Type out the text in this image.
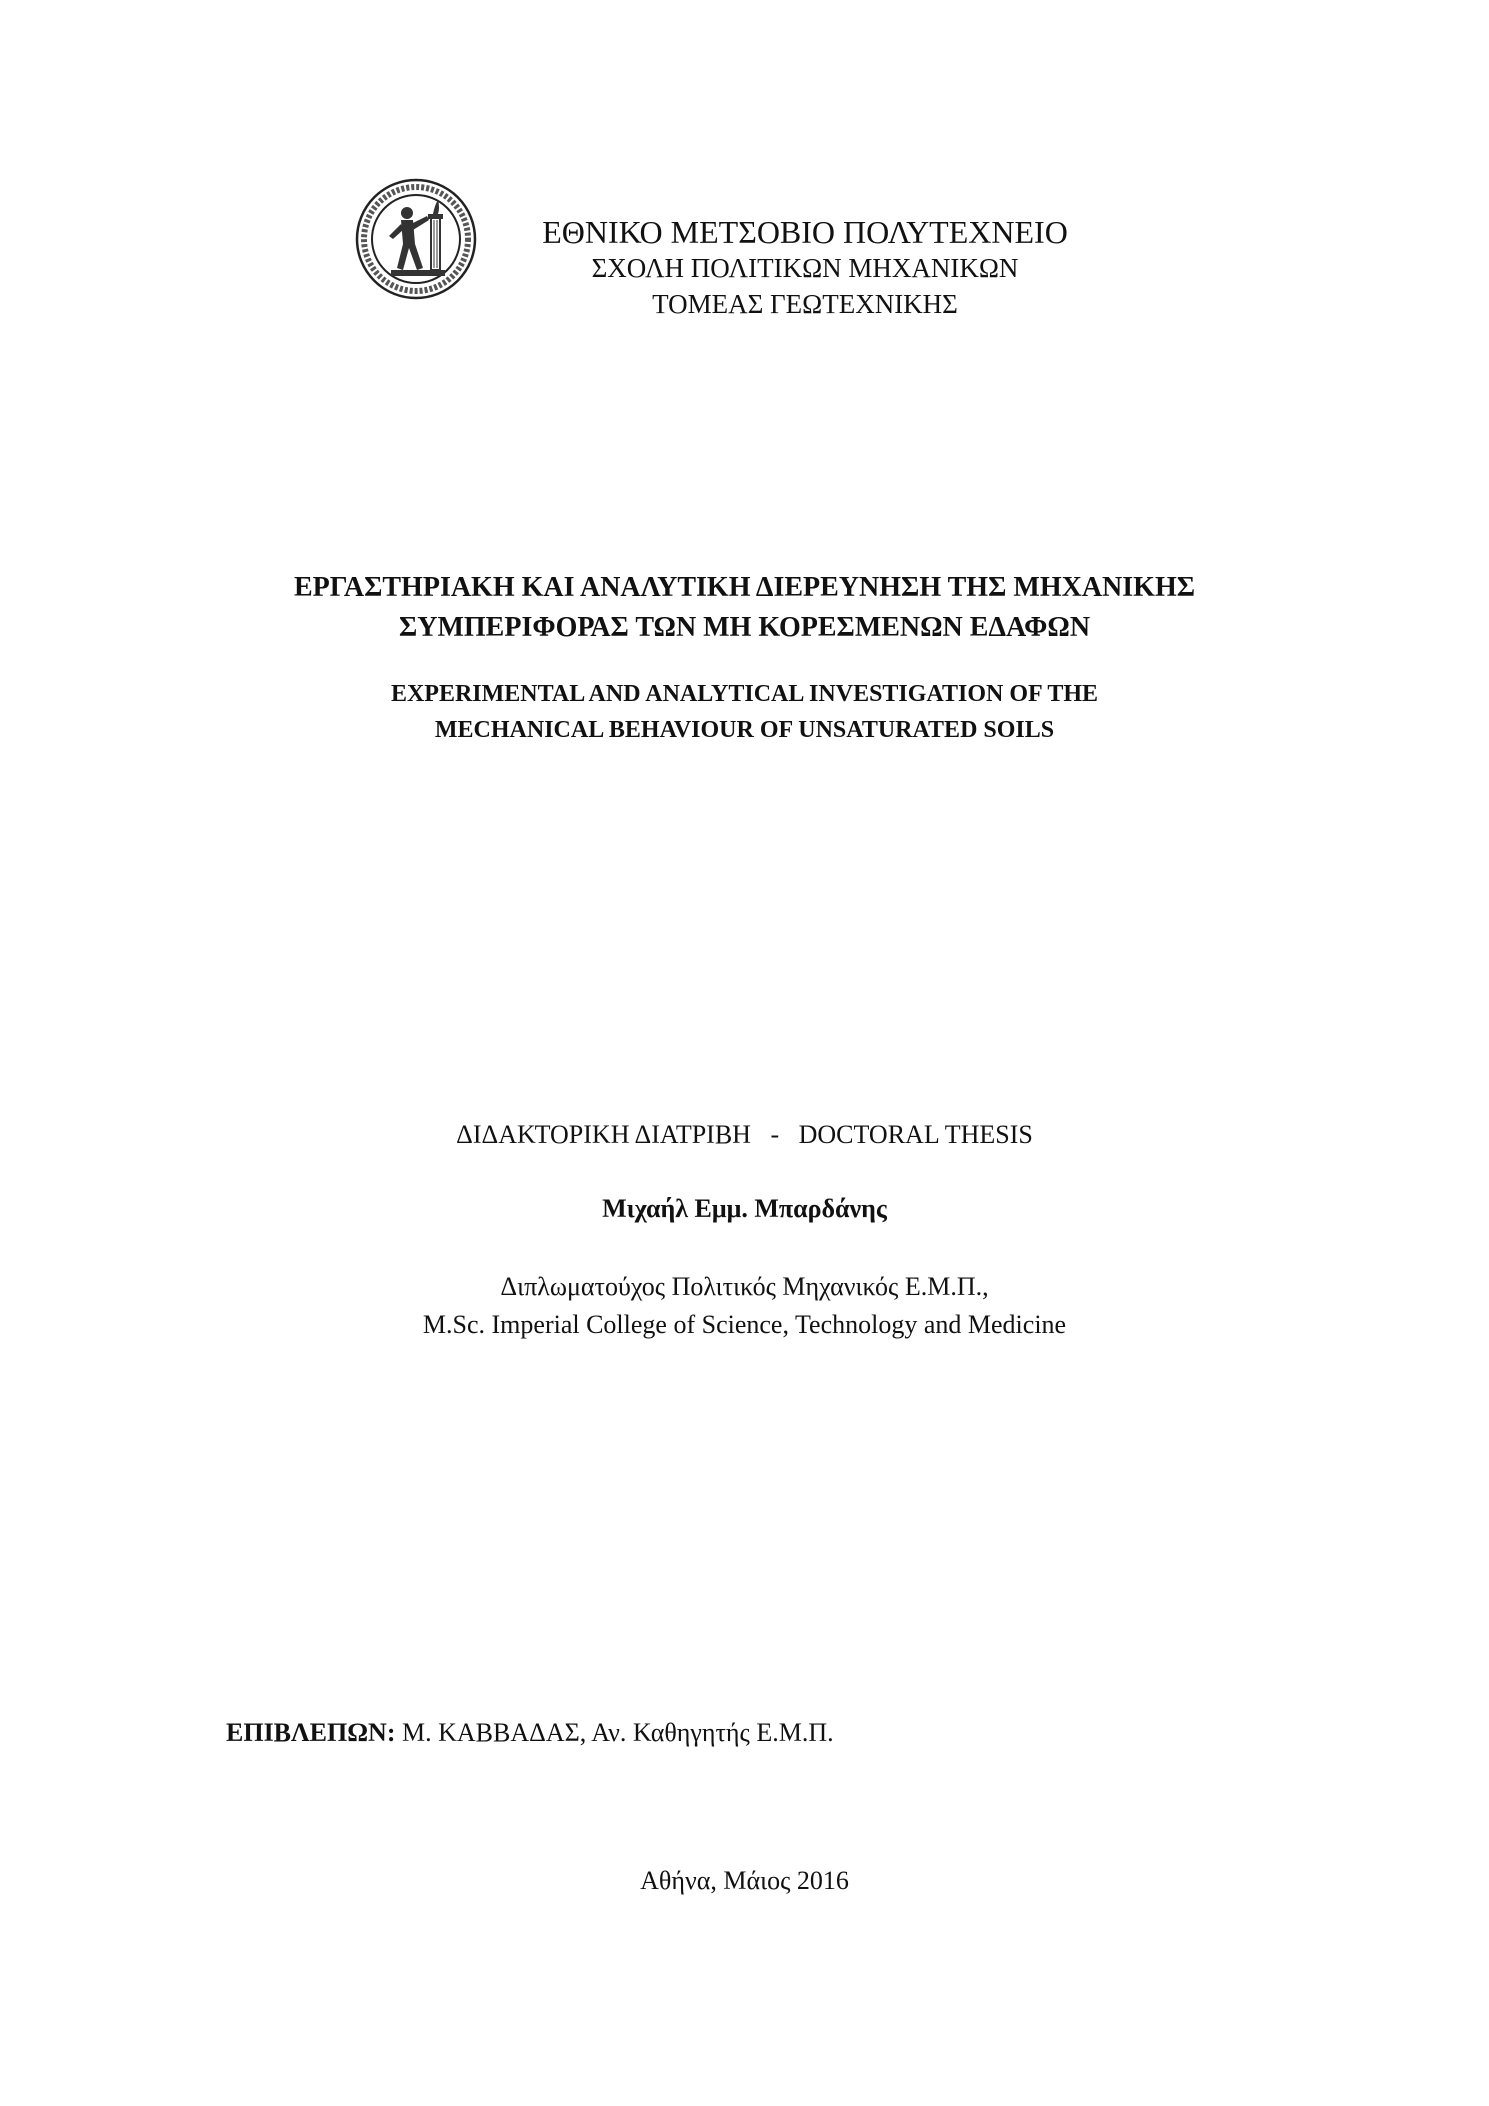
ΕΘΝΙΚΟ ΜΕΤΣΟΒΙΟ ΠΟΛΥΤΕΧΝΕΙΟ
ΣΧΟΛΗ ΠΟΛΙΤΙΚΩΝ ΜΗΧΑΝΙΚΩΝ
ΤΟΜΕΑΣ ΓΕΩΤΕΧΝΙΚΗΣ
ΕΡΓΑΣΤΗΡΙΑΚΗ ΚΑΙ ΑΝΑΛΥΤΙΚΗ ΔΙΕΡΕΥΝΗΣΗ ΤΗΣ ΜΗΧΑΝΙΚΗΣ
ΣΥΜΠΕΡΙΦΟΡΑΣ ΤΩΝ ΜΗ ΚΟΡΕΣΜΕΝΩΝ ΕΔΑΦΩΝ
EXPERIMENTAL AND ANALYTICAL INVESTIGATION OF THE
MECHANICAL BEHAVIOUR OF UNSATURATED SOILS
ΔΙΔΑΚΤΟΡΙΚΗ ΔΙΑΤΡΙΒΗ   -   DOCTORAL THESIS
Μιχαήλ Εμμ. Μπαρδάνης
Διπλωματούχος Πολιτικός Μηχανικός Ε.Μ.Π.,
M.Sc. Imperial College of Science, Technology and Medicine
ΕΠΙΒΛΕΠΩΝ: Μ. ΚΑΒΒΑΔΑΣ, Αν. Καθηγητής Ε.Μ.Π.
Αθήνα, Μάιος 2016
